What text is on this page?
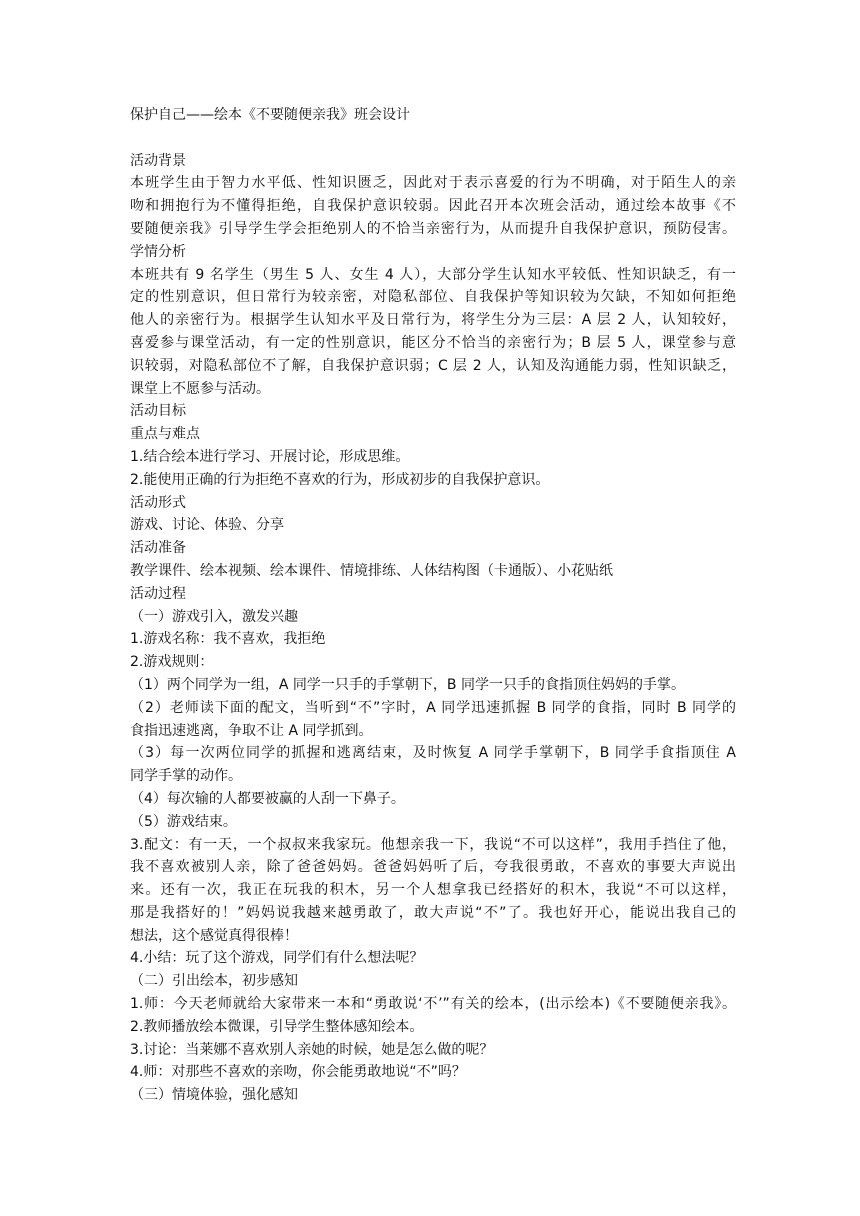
保护自己——绘本《不要随便亲我》班会设计
活动背景
本班学生由于智力水平低、性知识匮乏，因此对于表示喜爱的行为不明确，对于陌生人的亲
吻和拥抱行为不懂得拒绝，自我保护意识较弱。因此召开本次班会活动，通过绘本故事《不
要随便亲我》引导学生学会拒绝别人的不恰当亲密行为，从而提升自我保护意识，预防侵害。
学情分析
本班共有 9 名学生（男生 5 人、女生 4 人），大部分学生认知水平较低、性知识缺乏，有一
定的性别意识，但日常行为较亲密，对隐私部位、自我保护等知识较为欠缺，不知如何拒绝
他人的亲密行为。根据学生认知水平及日常行为，将学生分为三层：A 层 2 人，认知较好，
喜爱参与课堂活动，有一定的性别意识，能区分不恰当的亲密行为；B 层 5 人，课堂参与意
识较弱，对隐私部位不了解，自我保护意识弱；C 层 2 人，认知及沟通能力弱，性知识缺乏，
课堂上不愿参与活动。
活动目标
重点与难点
1.结合绘本进行学习、开展讨论，形成思维。
2.能使用正确的行为拒绝不喜欢的行为，形成初步的自我保护意识。
活动形式
游戏、讨论、体验、分享
活动准备
教学课件、绘本视频、绘本课件、情境排练、人体结构图（卡通版）、小花贴纸
活动过程
（一）游戏引入，激发兴趣
1.游戏名称：我不喜欢，我拒绝
2.游戏规则：
（1）两个同学为一组，A 同学一只手的手掌朝下，B 同学一只手的食指顶住妈妈的手掌。
（2）老师读下面的配文，当听到“不”字时，A 同学迅速抓握 B 同学的食指，同时 B 同学的
食指迅速逃离，争取不让 A 同学抓到。
（3）每一次两位同学的抓握和逃离结束，及时恢复 A 同学手掌朝下，B 同学手食指顶住 A
同学手掌的动作。
（4）每次输的人都要被赢的人刮一下鼻子。
（5）游戏结束。
3.配文：有一天，一个叔叔来我家玩。他想亲我一下，我说“不可以这样”，我用手挡住了他，
我不喜欢被别人亲，除了爸爸妈妈。爸爸妈妈听了后，夸我很勇敢，不喜欢的事要大声说出
来。还有一次，我正在玩我的积木，另一个人想拿我已经搭好的积木，我说“不可以这样，
那是我搭好的！”妈妈说我越来越勇敢了，敢大声说“不”了。我也好开心，能说出我自己的
想法，这个感觉真得很棒！
4.小结：玩了这个游戏，同学们有什么想法呢？
（二）引出绘本，初步感知
1.师：今天老师就给大家带来一本和“勇敢说‘不’”有关的绘本，(出示绘本)《不要随便亲我》。
2.教师播放绘本微课，引导学生整体感知绘本。
3.讨论：当莱娜不喜欢别人亲她的时候，她是怎么做的呢？
4.师：对那些不喜欢的亲吻，你会能勇敢地说“不”吗？
（三）情境体验，强化感知
